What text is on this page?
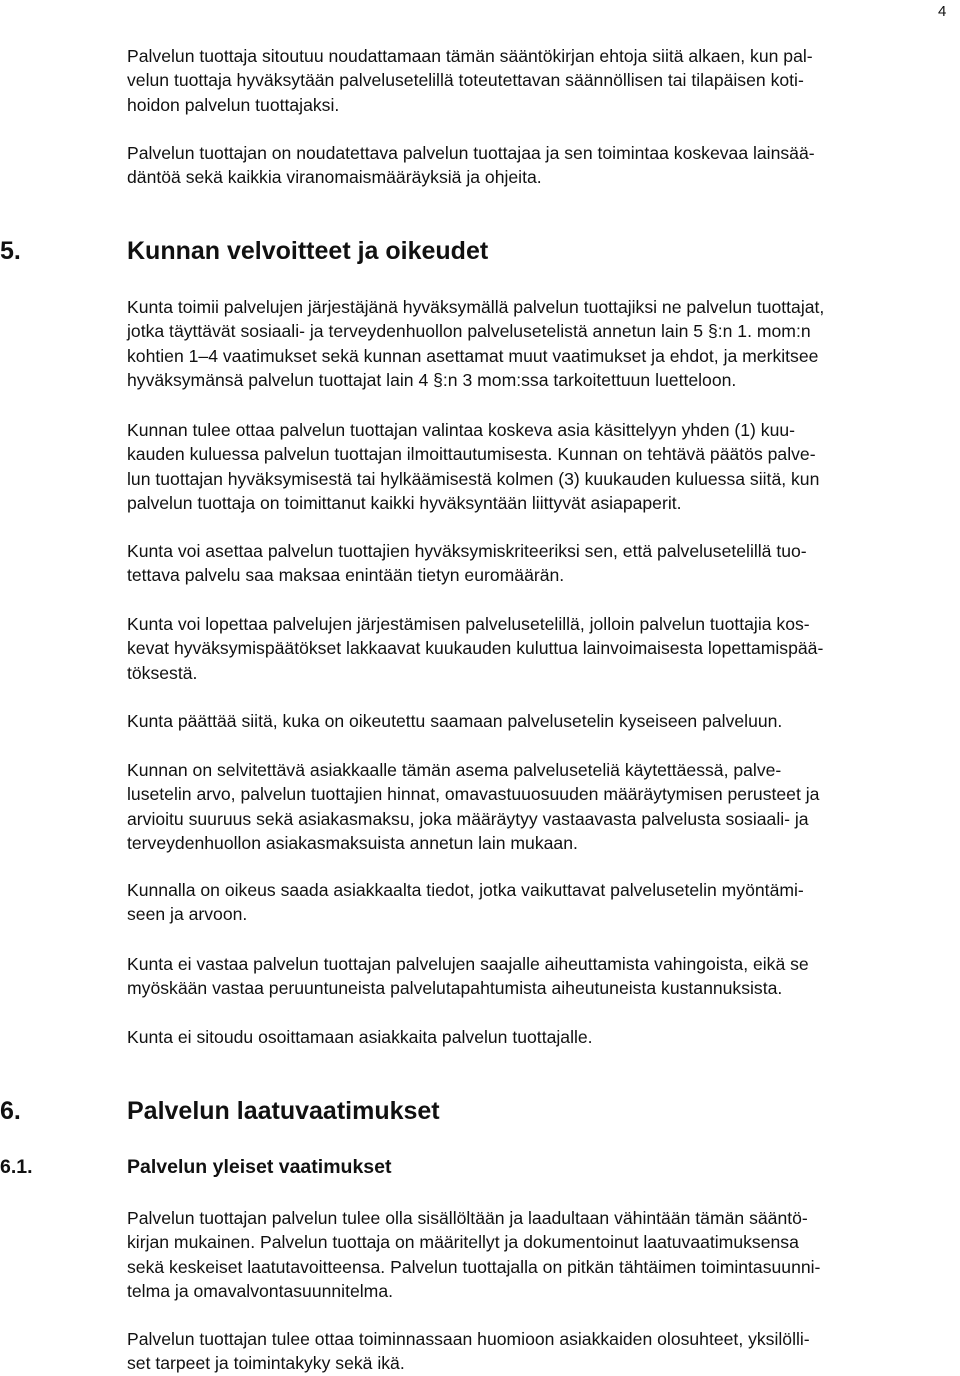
4

Palvelun tuottaja sitoutuu noudattamaan tämän sääntökirjan ehtoja siitä alkaen, kun pal-
velun tuottaja hyväksytään palvelusetelillä toteutettavan säännöllisen tai tilapäisen koti-
hoidon palvelun tuottajaksi.

Palvelun tuottajan on noudatettava palvelun tuottajaa ja sen toimintaa koskevaa lainsää-
däntöä sekä kaikkia viranomaismääräyksiä ja ohjeita.

5.	Kunnan velvoitteet ja oikeudet

Kunta toimii palvelujen järjestäjänä hyväksymällä palvelun tuottajiksi ne palvelun tuottajat,
jotka täyttävät sosiaali- ja terveydenhuollon palvelusetelistä annetun lain 5 §:n 1. mom:n
kohtien 1–4 vaatimukset sekä kunnan asettamat muut vaatimukset ja ehdot, ja merkitsee
hyväksymänsä palvelun tuottajat lain 4 §:n 3 mom:ssa tarkoitettuun luetteloon.

Kunnan tulee ottaa palvelun tuottajan valintaa koskeva asia käsittelyyn yhden (1) kuu-
kauden kuluessa palvelun tuottajan ilmoittautumisesta. Kunnan on tehtävä päätös palve-
lun tuottajan hyväksymisestä tai hylkäämisestä kolmen (3) kuukauden kuluessa siitä, kun
palvelun tuottaja on toimittanut kaikki hyväksyntään liittyvät asiapaperit.

Kunta voi asettaa palvelun tuottajien hyväksymiskriteeriksi sen, että palvelusetelillä tuo-
tettava palvelu saa maksaa enintään tietyn euromäärän.

Kunta voi lopettaa palvelujen järjestämisen palvelusetelillä, jolloin palvelun tuottajia kos-
kevat hyväksymispäätökset lakkaavat kuukauden kuluttua lainvoimaisesta lopettamispää-
töksestä.

Kunta päättää siitä, kuka on oikeutettu saamaan palvelusetelin kyseiseen palveluun.

Kunnan on selvitettävä asiakkaalle tämän asema palveluseteliä käytettäessä, palve-
lusetelin arvo, palvelun tuottajien hinnat, omavastuuosuuden määräytymisen perusteet ja
arvioitu suuruus sekä asiakasmaksu, joka määräytyy vastaavasta palvelusta sosiaali- ja
terveydenhuollon asiakasmaksuista annetun lain mukaan.

Kunnalla on oikeus saada asiakkaalta tiedot, jotka vaikuttavat palvelusetelin myöntämi-
seen ja arvoon.

Kunta ei vastaa palvelun tuottajan palvelujen saajalle aiheuttamista vahingoista, eikä se
myöskään vastaa peruuntuneista palvelutapahtumista aiheutuneista kustannuksista.

Kunta ei sitoudu osoittamaan asiakkaita palvelun tuottajalle.

6.	Palvelun laatuvaatimukset
6.1.	Palvelun yleiset vaatimukset

Palvelun tuottajan palvelun tulee olla sisällöltään ja laadultaan vähintään tämän sääntö-
kirjan mukainen. Palvelun tuottaja on määritellyt ja dokumentoinut laatuvaatimuksensa
sekä keskeiset laatutavoitteensa. Palvelun tuottajalla on pitkän tähtäimen toimintasuunni-
telma ja omavalvontasuunnitelma.

Palvelun tuottajan tulee ottaa toiminnassaan huomioon asiakkaiden olosuhteet, yksilölli-
set tarpeet ja toimintakyky sekä ikä.
